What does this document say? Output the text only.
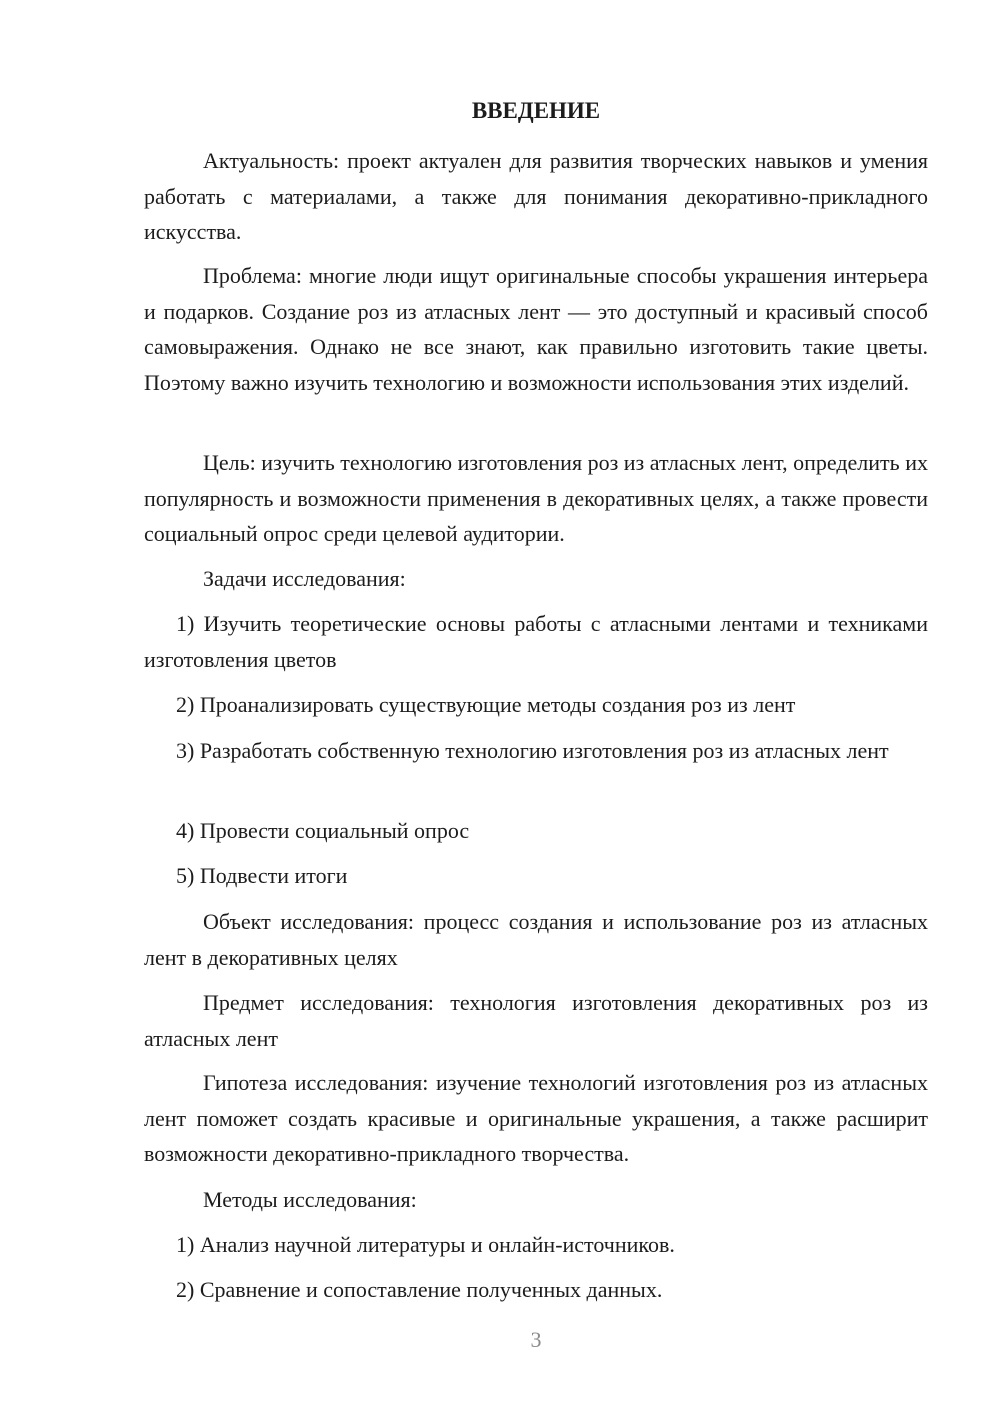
ВВЕДЕНИЕ

Актуальность: проект актуален для развития творческих навыков и умения работать с материалами, а также для понимания декоративно-прикладного искусства.

Проблема: многие люди ищут оригинальные способы украшения интерьера и подарков. Создание роз из атласных лент — это доступный и красивый способ самовыражения. Однако не все знают, как правильно изготовить такие цветы. Поэтому важно изучить технологию и возможности использования этих изделий.

Цель: изучить технологию изготовления роз из атласных лент, определить их популярность и возможности применения в декоративных целях, а также провести социальный опрос среди целевой аудитории.

Задачи исследования:

1) Изучить теоретические основы работы с атласными лентами и техниками изготовления цветов

2) Проанализировать существующие методы создания роз из лент

3) Разработать собственную технологию изготовления роз из атласных лент

4) Провести социальный опрос

5) Подвести итоги

Объект исследования: процесс создания и использование роз из атласных лент в декоративных целях

Предмет исследования: технология изготовления декоративных роз из атласных лент

Гипотеза исследования: изучение технологий изготовления роз из атласных лент поможет создать красивые и оригинальные украшения, а также расширит возможности декоративно-прикладного творчества.

Методы исследования:

1) Анализ научной литературы и онлайн-источников.

2) Сравнение и сопоставление полученных данных.

3
